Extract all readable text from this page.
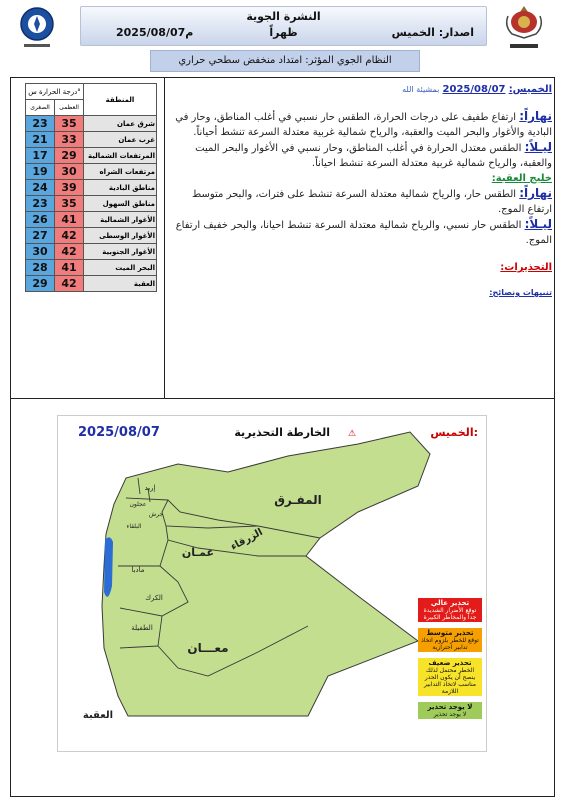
النشرة الجوية
ظهراً	اصدار: الخميس
2025/08/07م
النظام الجوي المؤثر: امتداد منخفض سطحي حراري
درجة الحرارة س°		المنطقة
الصغرى	العظمى	
23	35	شرق عمان
21	33	غرب عمان
17	29	المرتفعات الشمالية
19	30	مرتفعات الشراه
24	39	مناطق البادية
23	35	مناطق السهول
26	41	الأغوار الشمالية
27	42	الأغوار الوسطى
30	42	الأغوار الجنوبية
28	41	البحر الميت
29	42	العقبة
الخميس: 2025/08/07 بمشيئة الله
نهاراً: ارتفاع طفيف على درجات الحرارة، الطقس حار نسبي في أغلب المناطق، وحار في البادية والأغوار والبحر الميت والعقبة، والرياح شمالية غربية معتدلة السرعة تنشط أحياناً.
ليـلاً: الطقس معتدل الحرارة في أغلب المناطق، وحار نسبي في الأغوار والبحر الميت والعقبة، والرياح شمالية غربية معتدلة السرعة تنشط احياناً.
خليج العقبة:
نهاراً: الطقس حار، والرياح شمالية معتدلة السرعة تنشط على فترات، والبحر متوسط ارتفاع الموج.
ليـلاً: الطقس حار نسبي، والرياح شمالية معتدلة السرعة تنشط احيانا، والبحر خفيف ارتفاع الموج.
التحذيرات:
تنبيهات ونصائح:
الخميس:
2025/08/07	الخارطة التحذيرية ⚠
المفـرق
الزرقاء
عمـان
إربد
عجلون
جرش
البلقاء
مادبا
الكرك
الطفيلة
معـــان
العقبة
تحذير عالي
توقع الأضرار الشديدة جداً والمخاطر الكبيرة
تحذير متوسط
توقع للخطر بلزوم اتخاذ تدابير احترازية
تحذير ضعيف
الخطر محتمل لذلك ينصح أن يكون الحذر مناسب لاتخاذ التدابير اللازمة
لا يوجد تحذير
لا يوجد تحذير
